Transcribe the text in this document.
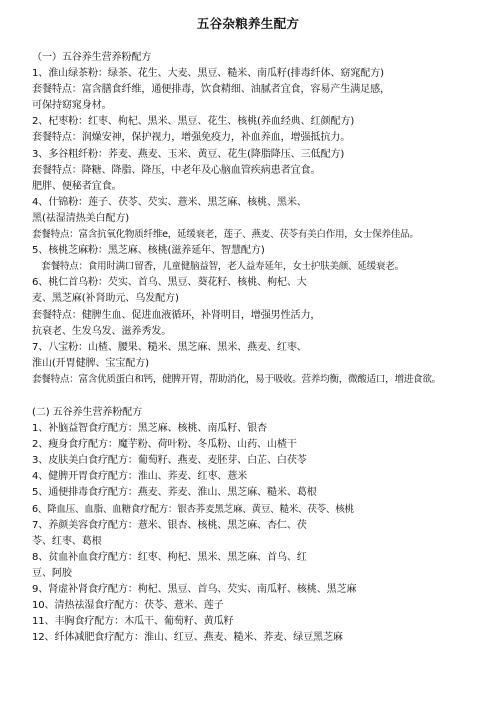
五谷杂粮养生配方
（一）五谷养生营养粉配方
1、淮山绿茶粉：绿茶、花生、大麦、黑豆、糙米、南瓜籽(排毒纤体、窈窕配方)
套餐特点：富含膳食纤维，通便排毒，饮食精细、油腻者宜食，容易产生满足感，
可保持窈窕身材。
2、杞枣粉：红枣、枸杞、黑米、黑豆、花生、核桃(养血经典、红颜配方)
套餐特点：润燥安神，保护视力，增强免疫力，补血养血，增强抵抗力。
3、多谷粗纤粉：荞麦、燕麦、玉米、黄豆、花生(降脂降压、三低配方)
套餐特点：降糖、降脂、降压，中老年及心脑血管疾病患者宜食。
肥胖、便秘者宜食。
4、什锦粉：莲子、茯苓、芡实、薏米、黑芝麻、核桃、黑米、
黑(祛湿清热美白配方)
套餐特点：富含抗氧化物质纤维e，延缓衰老，莲子、燕麦、茯苓有美白作用，女士保养佳品。
5、核桃芝麻粉：黑芝麻、核桃(滋养延年、智慧配方)
　套餐特点：食用时满口留香，儿童健脑益智，老人益寿延年，女士护肤美颜、延缓衰老。
6、桃仁首乌粉：芡实、首乌、黑豆、葵花籽、核桃、枸杞、大
麦、黑芝麻(补肾助元、乌发配方)
套餐特点：健脾生血、促进血液循环，补肾明目，增强男性活力，
抗衰老、生发乌发、滋养秀发。
7、八宝粉：山楂、腰果、糙米、黑芝麻、黑米、燕麦、红枣、
淮山(开胃健脾、宝宝配方)
套餐特点：富含优质蛋白和钙，健脾开胃，帮助消化，易于吸收。营养均衡，微酸适口，增进食欲。
(二) 五谷养生营养粉配方
1、补脑益智食疗配方：黑芝麻、核桃、南瓜籽、银杏
2、瘦身食疗配方：魔芋粉、荷叶粉、冬瓜粉、山药、山楂干
3、皮肤美白食疗配方：葡萄籽、燕麦、麦胚芽、白芷、白茯苓
4、健脾开胃食疗配方：淮山、荞麦、红枣、薏米
5、通便排毒食疗配方：燕麦、荞麦、淮山、黑芝麻、糙米、葛根
6、降血压、血脂、血糖食疗配方：银杏荞麦黑芝麻、黄豆、糙米、茯苓、核桃
7、养颜美容食疗配方：薏米、银杏、核桃、黑芝麻、杏仁、茯
苓、红枣、葛根
8、贫血补血食疗配方：红枣、枸杞、黑米、黑芝麻、首乌、红
豆、阿胶
9、肾虚补肾食疗配方：枸杞、黑豆、首乌、芡实、南瓜籽、核桃、黑芝麻
10、清热祛湿食疗配方：茯苓、薏米、莲子
11、丰胸食疗配方：木瓜干、葡萄籽、黄瓜籽
12、纤体减肥食疗配方：淮山、红豆、燕麦、糙米、荞麦、绿豆黑芝麻
